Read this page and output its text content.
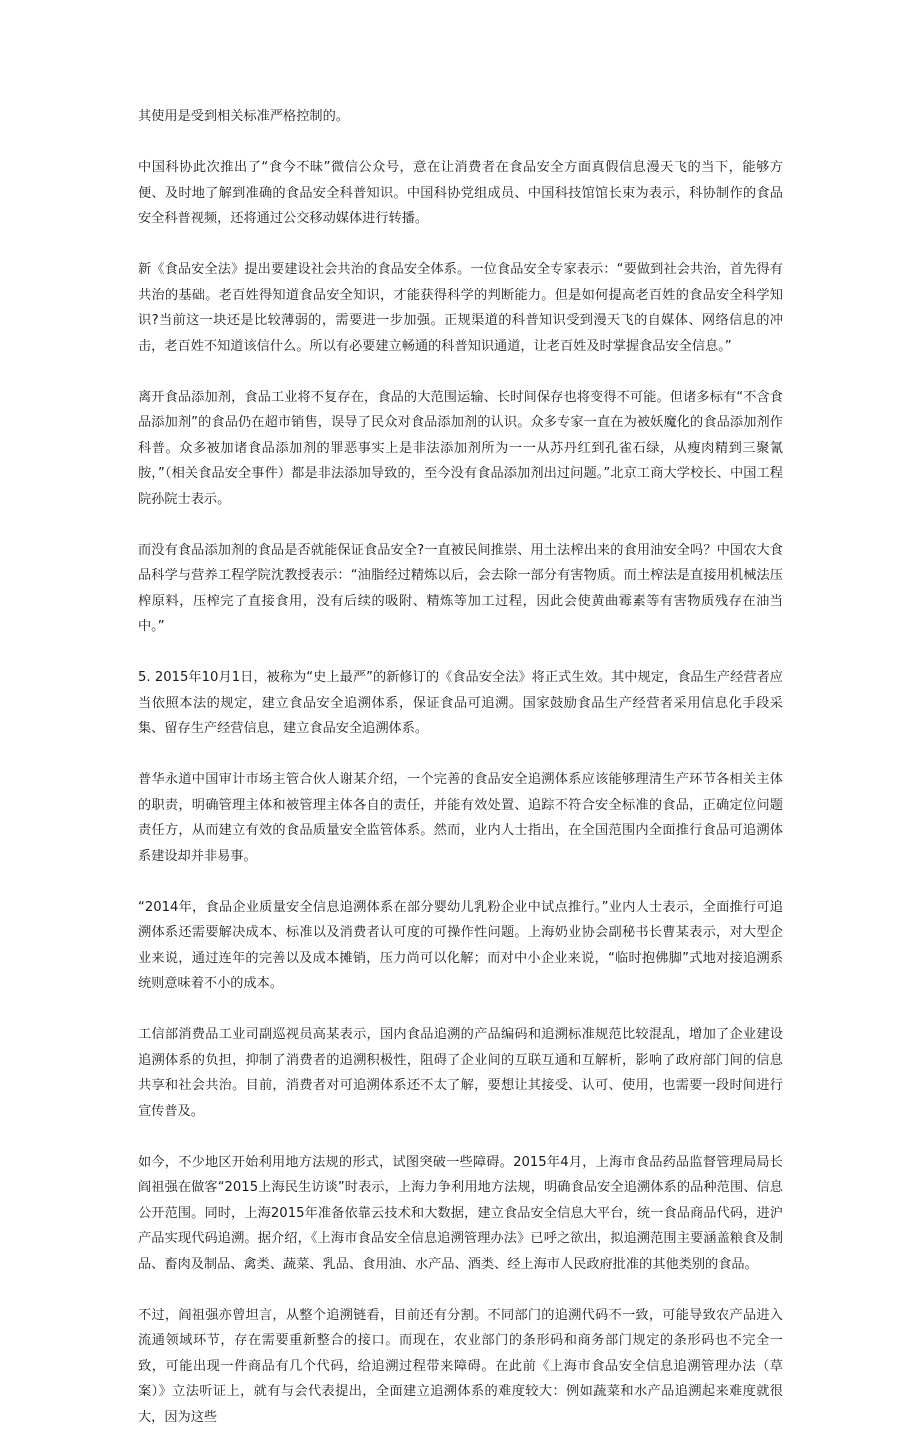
其使用是受到相关标准严格控制的。

中国科协此次推出了“食今不昧”微信公众号，意在让消费者在食品安全方面真假信息漫天飞的当下，能够方便、及时地了解到准确的食品安全科普知识。中国科协党组成员、中国科技馆馆长束为表示，科协制作的食品安全科普视频，还将通过公交移动媒体进行转播。

新《食品安全法》提出要建设社会共治的食品安全体系。一位食品安全专家表示：“要做到社会共治，首先得有共治的基础。老百姓得知道食品安全知识，才能获得科学的判断能力。但是如何提高老百姓的食品安全科学知识?当前这一块还是比较薄弱的，需要进一步加强。正规渠道的科普知识受到漫天飞的自媒体、网络信息的冲击，老百姓不知道该信什么。所以有必要建立畅通的科普知识通道，让老百姓及时掌握食品安全信息。”

离开食品添加剂，食品工业将不复存在，食品的大范围运输、长时间保存也将变得不可能。但诸多标有“不含食品添加剂”的食品仍在超市销售，误导了民众对食品添加剂的认识。众多专家一直在为被妖魔化的食品添加剂作科普。众多被加诸食品添加剂的罪恶事实上是非法添加剂所为一一从苏丹红到孔雀石绿，从瘦肉精到三聚氰胺，”（相关食品安全事件）都是非法添加导致的，至今没有食品添加剂出过问题。”北京工商大学校长、中国工程院孙院士表示。

而没有食品添加剂的食品是否就能保证食品安全?一直被民间推崇、用土法榨出来的食用油安全吗？中国农大食品科学与营养工程学院沈教授表示：“油脂经过精炼以后，会去除一部分有害物质。而土榨法是直接用机械法压榨原料，压榨完了直接食用，没有后续的吸附、精炼等加工过程，因此会使黄曲霉素等有害物质残存在油当中。”

5. 2015年10月1日，被称为“史上最严”的新修订的《食品安全法》将正式生效。其中规定，食品生产经营者应当依照本法的规定，建立食品安全追溯体系，保证食品可追溯。国家鼓励食品生产经营者采用信息化手段采集、留存生产经营信息，建立食品安全追溯体系。

普华永道中国审计市场主管合伙人谢某介绍，一个完善的食品安全追溯体系应该能够理清生产环节各相关主体的职责，明确管理主体和被管理主体各自的责任，并能有效处置、追踪不符合安全标准的食品，正确定位问题责任方，从而建立有效的食品质量安全监管体系。然而，业内人士指出，在全国范围内全面推行食品可追溯体系建设却并非易事。

“2014年，食品企业质量安全信息追溯体系在部分婴幼儿乳粉企业中试点推行。”业内人士表示，全面推行可追溯体系还需要解决成本、标准以及消费者认可度的可操作性问题。上海奶业协会副秘书长曹某表示，对大型企业来说，通过连年的完善以及成本摊销，压力尚可以化解；而对中小企业来说，“临时抱佛脚”式地对接追溯系统则意味着不小的成本。

工信部消费品工业司副巡视员高某表示，国内食品追溯的产品编码和追溯标准规范比较混乱，增加了企业建设追溯体系的负担，抑制了消费者的追溯积极性，阻碍了企业间的互联互通和互解析，影响了政府部门间的信息共享和社会共治。目前，消费者对可追溯体系还不太了解，要想让其接受、认可、使用，也需要一段时间进行宣传普及。

如今，不少地区开始利用地方法规的形式，试图突破一些障碍。2015年4月，上海市食品药品监督管理局局长阎祖强在做客“2015上海民生访谈”时表示，上海力争利用地方法规，明确食品安全追溯体系的品种范围、信息公开范围。同时，上海2015年准备依靠云技术和大数据，建立食品安全信息大平台，统一食品商品代码，进沪产品实现代码追溯。据介绍，《上海市食品安全信息追溯管理办法》已呼之欲出，拟追溯范围主要涵盖粮食及制品、畜肉及制品、禽类、蔬菜、乳品、食用油、水产品、酒类、经上海市人民政府批准的其他类别的食品。

不过，阎祖强亦曾坦言，从整个追溯链看，目前还有分割。不同部门的追溯代码不一致，可能导致农产品进入流通领域环节，存在需要重新整合的接口。而现在，农业部门的条形码和商务部门规定的条形码也不完全一致，可能出现一件商品有几个代码，给追溯过程带来障碍。在此前《上海市食品安全信息追溯管理办法（草案）》立法听证上，就有与会代表提出，全面建立追溯体系的难度较大：例如蔬菜和水产品追溯起来难度就很大，因为这些
